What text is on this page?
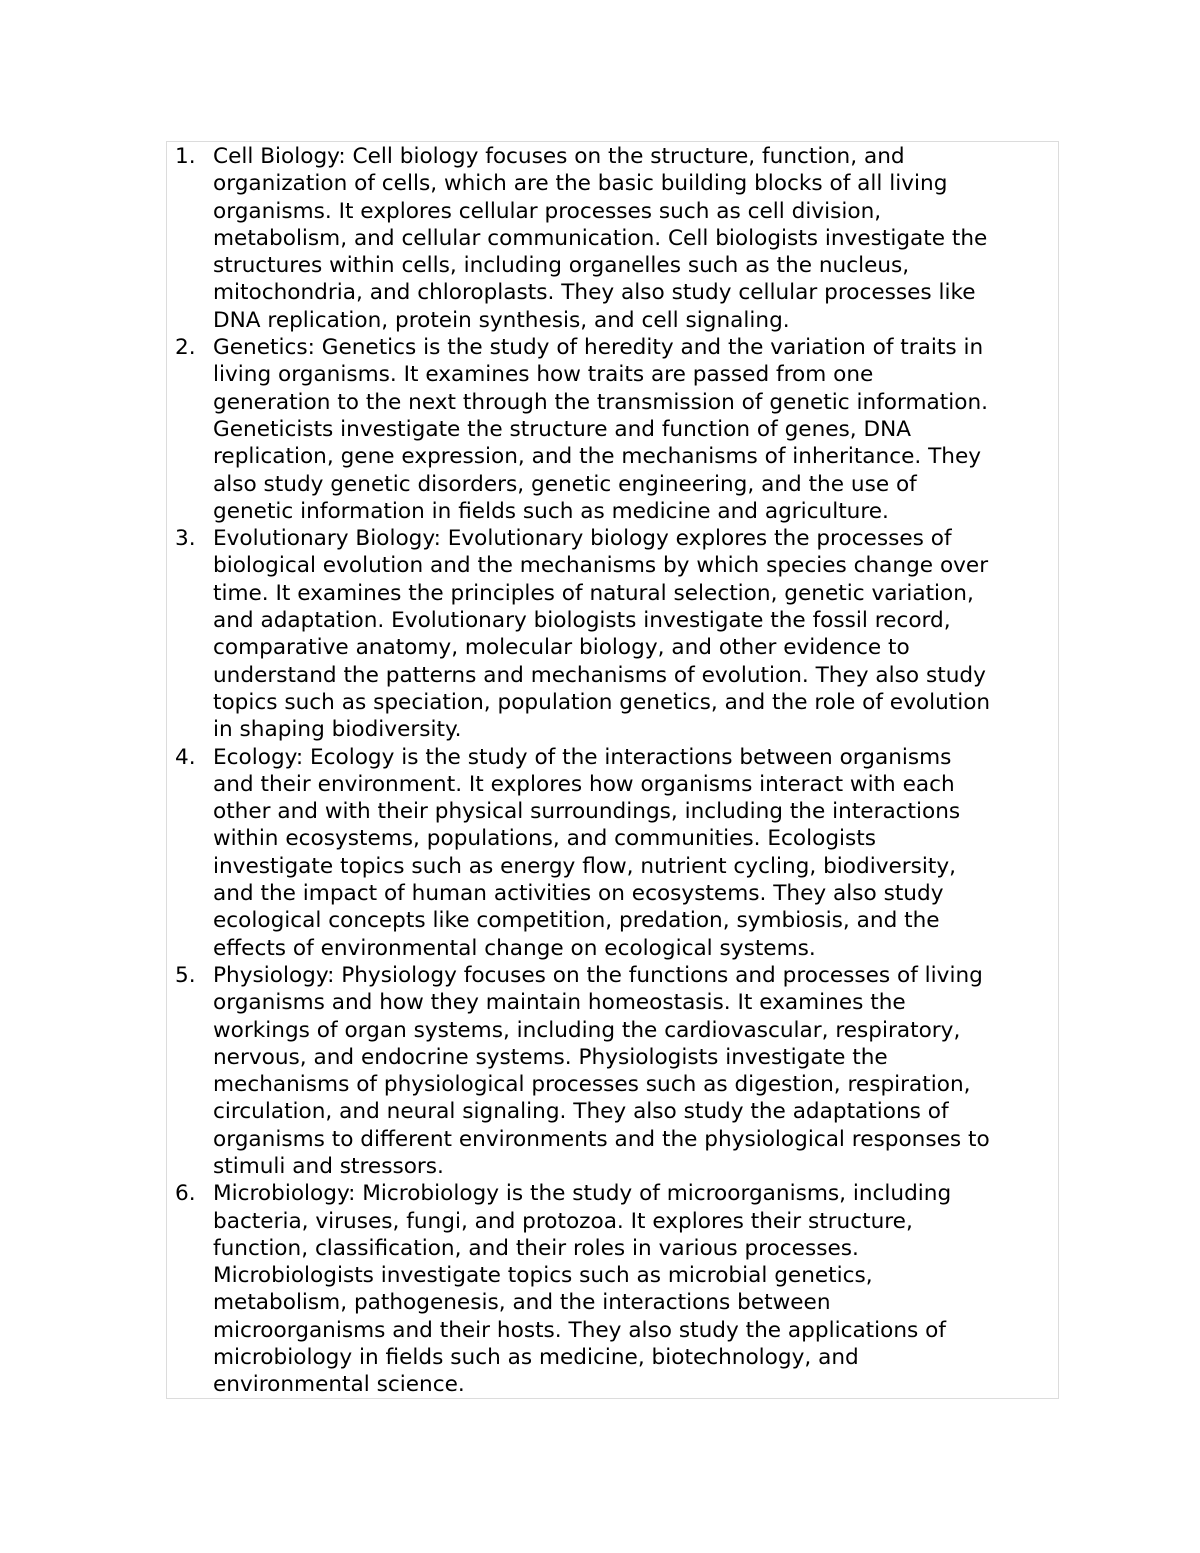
1. Cell Biology: Cell biology focuses on the structure, function, and
organization of cells, which are the basic building blocks of all living
organisms. It explores cellular processes such as cell division,
metabolism, and cellular communication. Cell biologists investigate the
structures within cells, including organelles such as the nucleus,
mitochondria, and chloroplasts. They also study cellular processes like
DNA replication, protein synthesis, and cell signaling.
2. Genetics: Genetics is the study of heredity and the variation of traits in
living organisms. It examines how traits are passed from one
generation to the next through the transmission of genetic information.
Geneticists investigate the structure and function of genes, DNA
replication, gene expression, and the mechanisms of inheritance. They
also study genetic disorders, genetic engineering, and the use of
genetic information in fields such as medicine and agriculture.
3. Evolutionary Biology: Evolutionary biology explores the processes of
biological evolution and the mechanisms by which species change over
time. It examines the principles of natural selection, genetic variation,
and adaptation. Evolutionary biologists investigate the fossil record,
comparative anatomy, molecular biology, and other evidence to
understand the patterns and mechanisms of evolution. They also study
topics such as speciation, population genetics, and the role of evolution
in shaping biodiversity.
4. Ecology: Ecology is the study of the interactions between organisms
and their environment. It explores how organisms interact with each
other and with their physical surroundings, including the interactions
within ecosystems, populations, and communities. Ecologists
investigate topics such as energy flow, nutrient cycling, biodiversity,
and the impact of human activities on ecosystems. They also study
ecological concepts like competition, predation, symbiosis, and the
effects of environmental change on ecological systems.
5. Physiology: Physiology focuses on the functions and processes of living
organisms and how they maintain homeostasis. It examines the
workings of organ systems, including the cardiovascular, respiratory,
nervous, and endocrine systems. Physiologists investigate the
mechanisms of physiological processes such as digestion, respiration,
circulation, and neural signaling. They also study the adaptations of
organisms to different environments and the physiological responses to
stimuli and stressors.
6. Microbiology: Microbiology is the study of microorganisms, including
bacteria, viruses, fungi, and protozoa. It explores their structure,
function, classification, and their roles in various processes.
Microbiologists investigate topics such as microbial genetics,
metabolism, pathogenesis, and the interactions between
microorganisms and their hosts. They also study the applications of
microbiology in fields such as medicine, biotechnology, and
environmental science.
